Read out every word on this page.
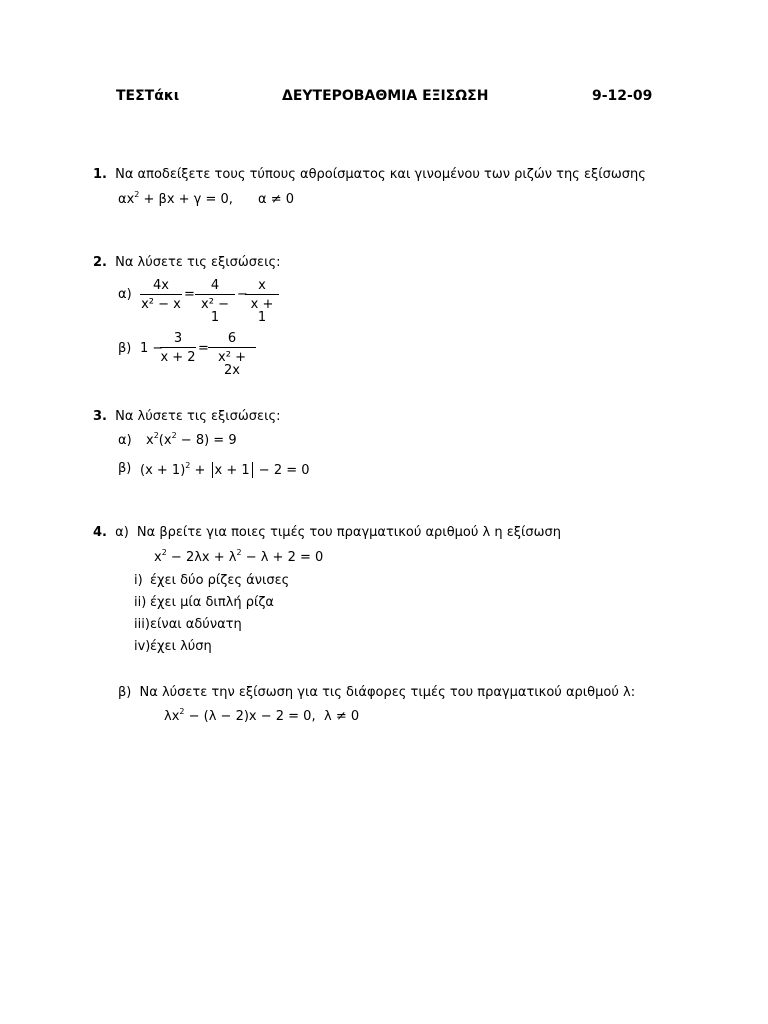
ΤΕΣΤάκι	ΔΕΥΤΕΡΟΒΑΘΜΙΑ ΕΞΙΣΩΣΗ	9-12-09
1. Να αποδείξετε τους τύπους αθροίσματος και γινομένου των ριζών της εξίσωσης
$\alpha x^2 + \beta x + \gamma = 0$, α ≠ 0
2. Να λύσετε τις εξισώσεις:
$\alpha) \frac{4x}{\text{x² − x}} = \frac{4}{\text{x² − 1}}$ −
$\frac{x}{x + 1}$
β) 1 −
$\frac{3}{x + 2} = \frac{6}{\text{x² + 2x}}$
3. Να λύσετε τις εξισώσεις:
α) $x^2(x^2 - 8) = 9$
β) $(x + 1)^2 + x + 1 - 2 = 0$
4. α) Να βρείτε για ποιες τιμές του πραγματικού αριθμού λ η εξίσωση
$x^2 - 2\lambda x + \lambda^2 - \lambda + 2 = 0$
i) έχει δύο ρίζες άνισες
ii) έχει μία διπλή ρίζα
iii)είναι αδύνατη
iv)έχει λύση
β) Να λύσετε την εξίσωση για τις διάφορες τιμές του πραγματικού αριθμού λ:
$\lambda x^2 - (\lambda - 2)x - 2 = 0$, λ ≠ 0
